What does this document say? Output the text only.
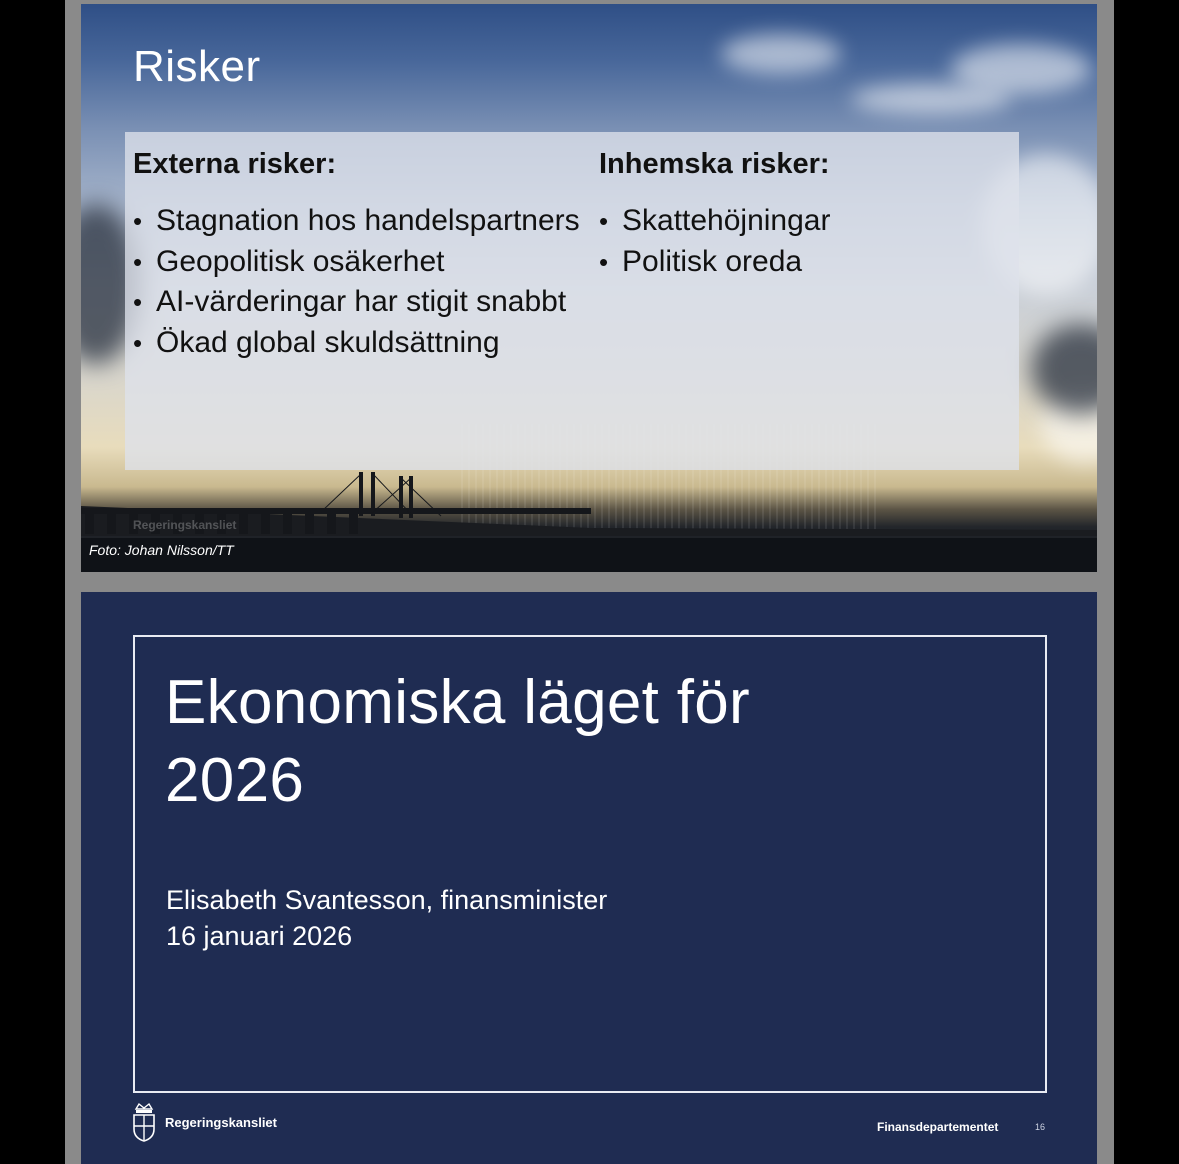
Risker
Externa risker:
• Stagnation hos handelspartners
• Geopolitisk osäkerhet
• AI-värderingar har stigit snabbt
• Ökad global skuldsättning
Inhemska risker:
• Skattehöjningar
• Politisk oreda
Regeringskansliet
Foto: Johan Nilsson/TT
Ekonomiska läget för 2026
Elisabeth Svantesson, finansminister
16 januari 2026
Regeringskansliet	Finansdepartementet	16
